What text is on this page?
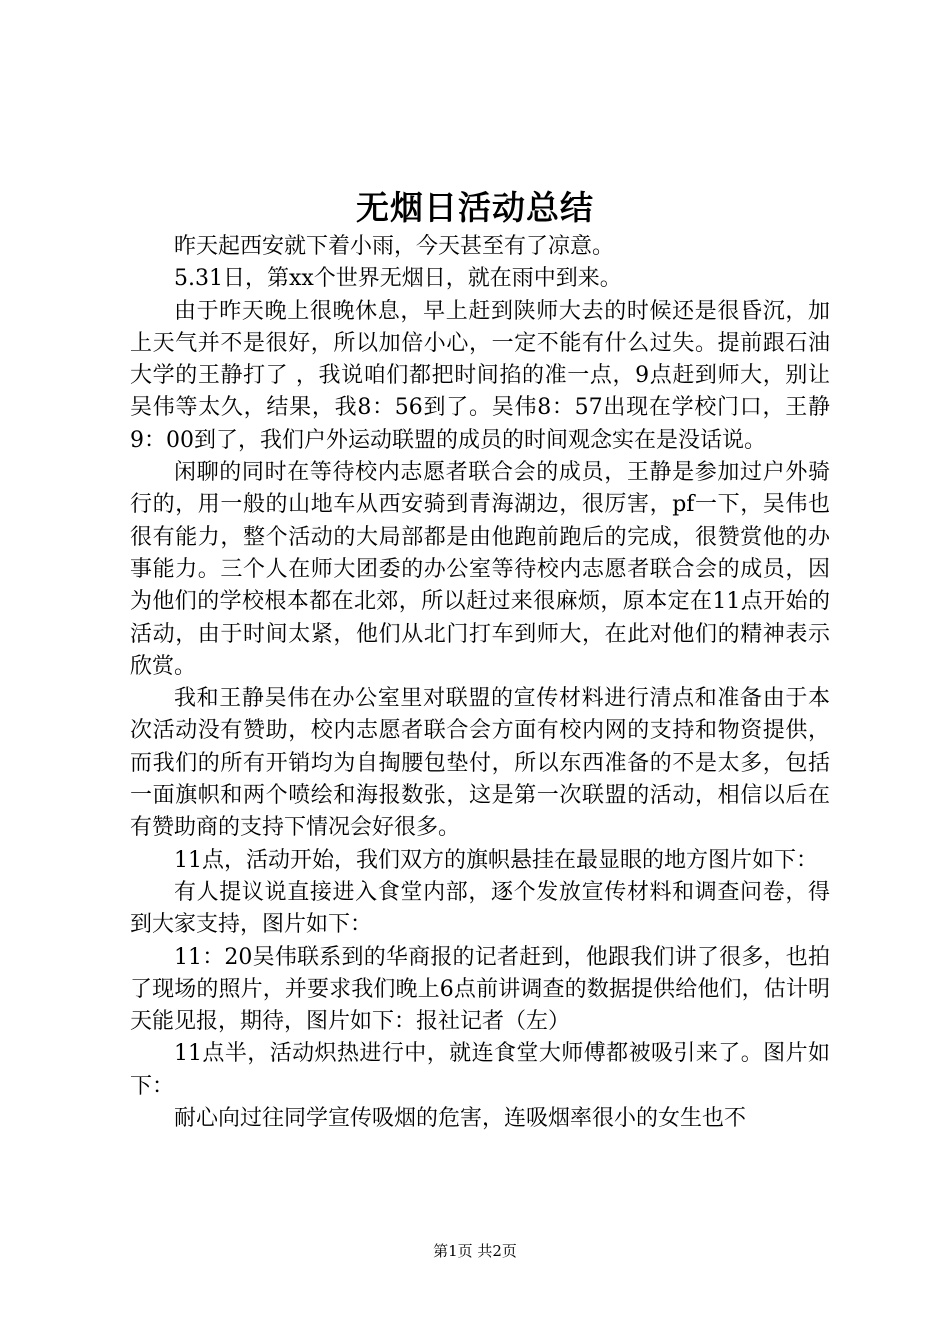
无烟日活动总结

昨天起西安就下着小雨，今天甚至有了凉意。

5.31日，第xx个世界无烟日，就在雨中到来。

由于昨天晚上很晚休息，早上赶到陕师大去的时候还是很昏沉，加上天气并不是很好，所以加倍小心，一定不能有什么过失。提前跟石油大学的王静打了 ，我说咱们都把时间掐的准一点，9点赶到师大，别让吴伟等太久，结果，我8：56到了。吴伟8：57出现在学校门口，王静9：00到了，我们户外运动联盟的成员的时间观念实在是没话说。

闲聊的同时在等待校内志愿者联合会的成员，王静是参加过户外骑行的，用一般的山地车从西安骑到青海湖边，很厉害，pf一下，吴伟也很有能力，整个活动的大局部都是由他跑前跑后的完成，很赞赏他的办事能力。三个人在师大团委的办公室等待校内志愿者联合会的成员，因为他们的学校根本都在北郊，所以赶过来很麻烦，原本定在11点开始的活动，由于时间太紧，他们从北门打车到师大，在此对他们的精神表示欣赏。

我和王静吴伟在办公室里对联盟的宣传材料进行清点和准备由于本次活动没有赞助，校内志愿者联合会方面有校内网的支持和物资提供，而我们的所有开销均为自掏腰包垫付，所以东西准备的不是太多，包括一面旗帜和两个喷绘和海报数张，这是第一次联盟的活动，相信以后在有赞助商的支持下情况会好很多。

11点，活动开始，我们双方的旗帜悬挂在最显眼的地方图片如下：

有人提议说直接进入食堂内部，逐个发放宣传材料和调查问卷，得到大家支持，图片如下：

11：20吴伟联系到的华商报的记者赶到，他跟我们讲了很多，也拍了现场的照片，并要求我们晚上6点前讲调查的数据提供给他们，估计明天能见报，期待，图片如下：报社记者（左）

11点半，活动炽热进行中，就连食堂大师傅都被吸引来了。图片如下：

耐心向过往同学宣传吸烟的危害，连吸烟率很小的女生也不

第1页 共2页
